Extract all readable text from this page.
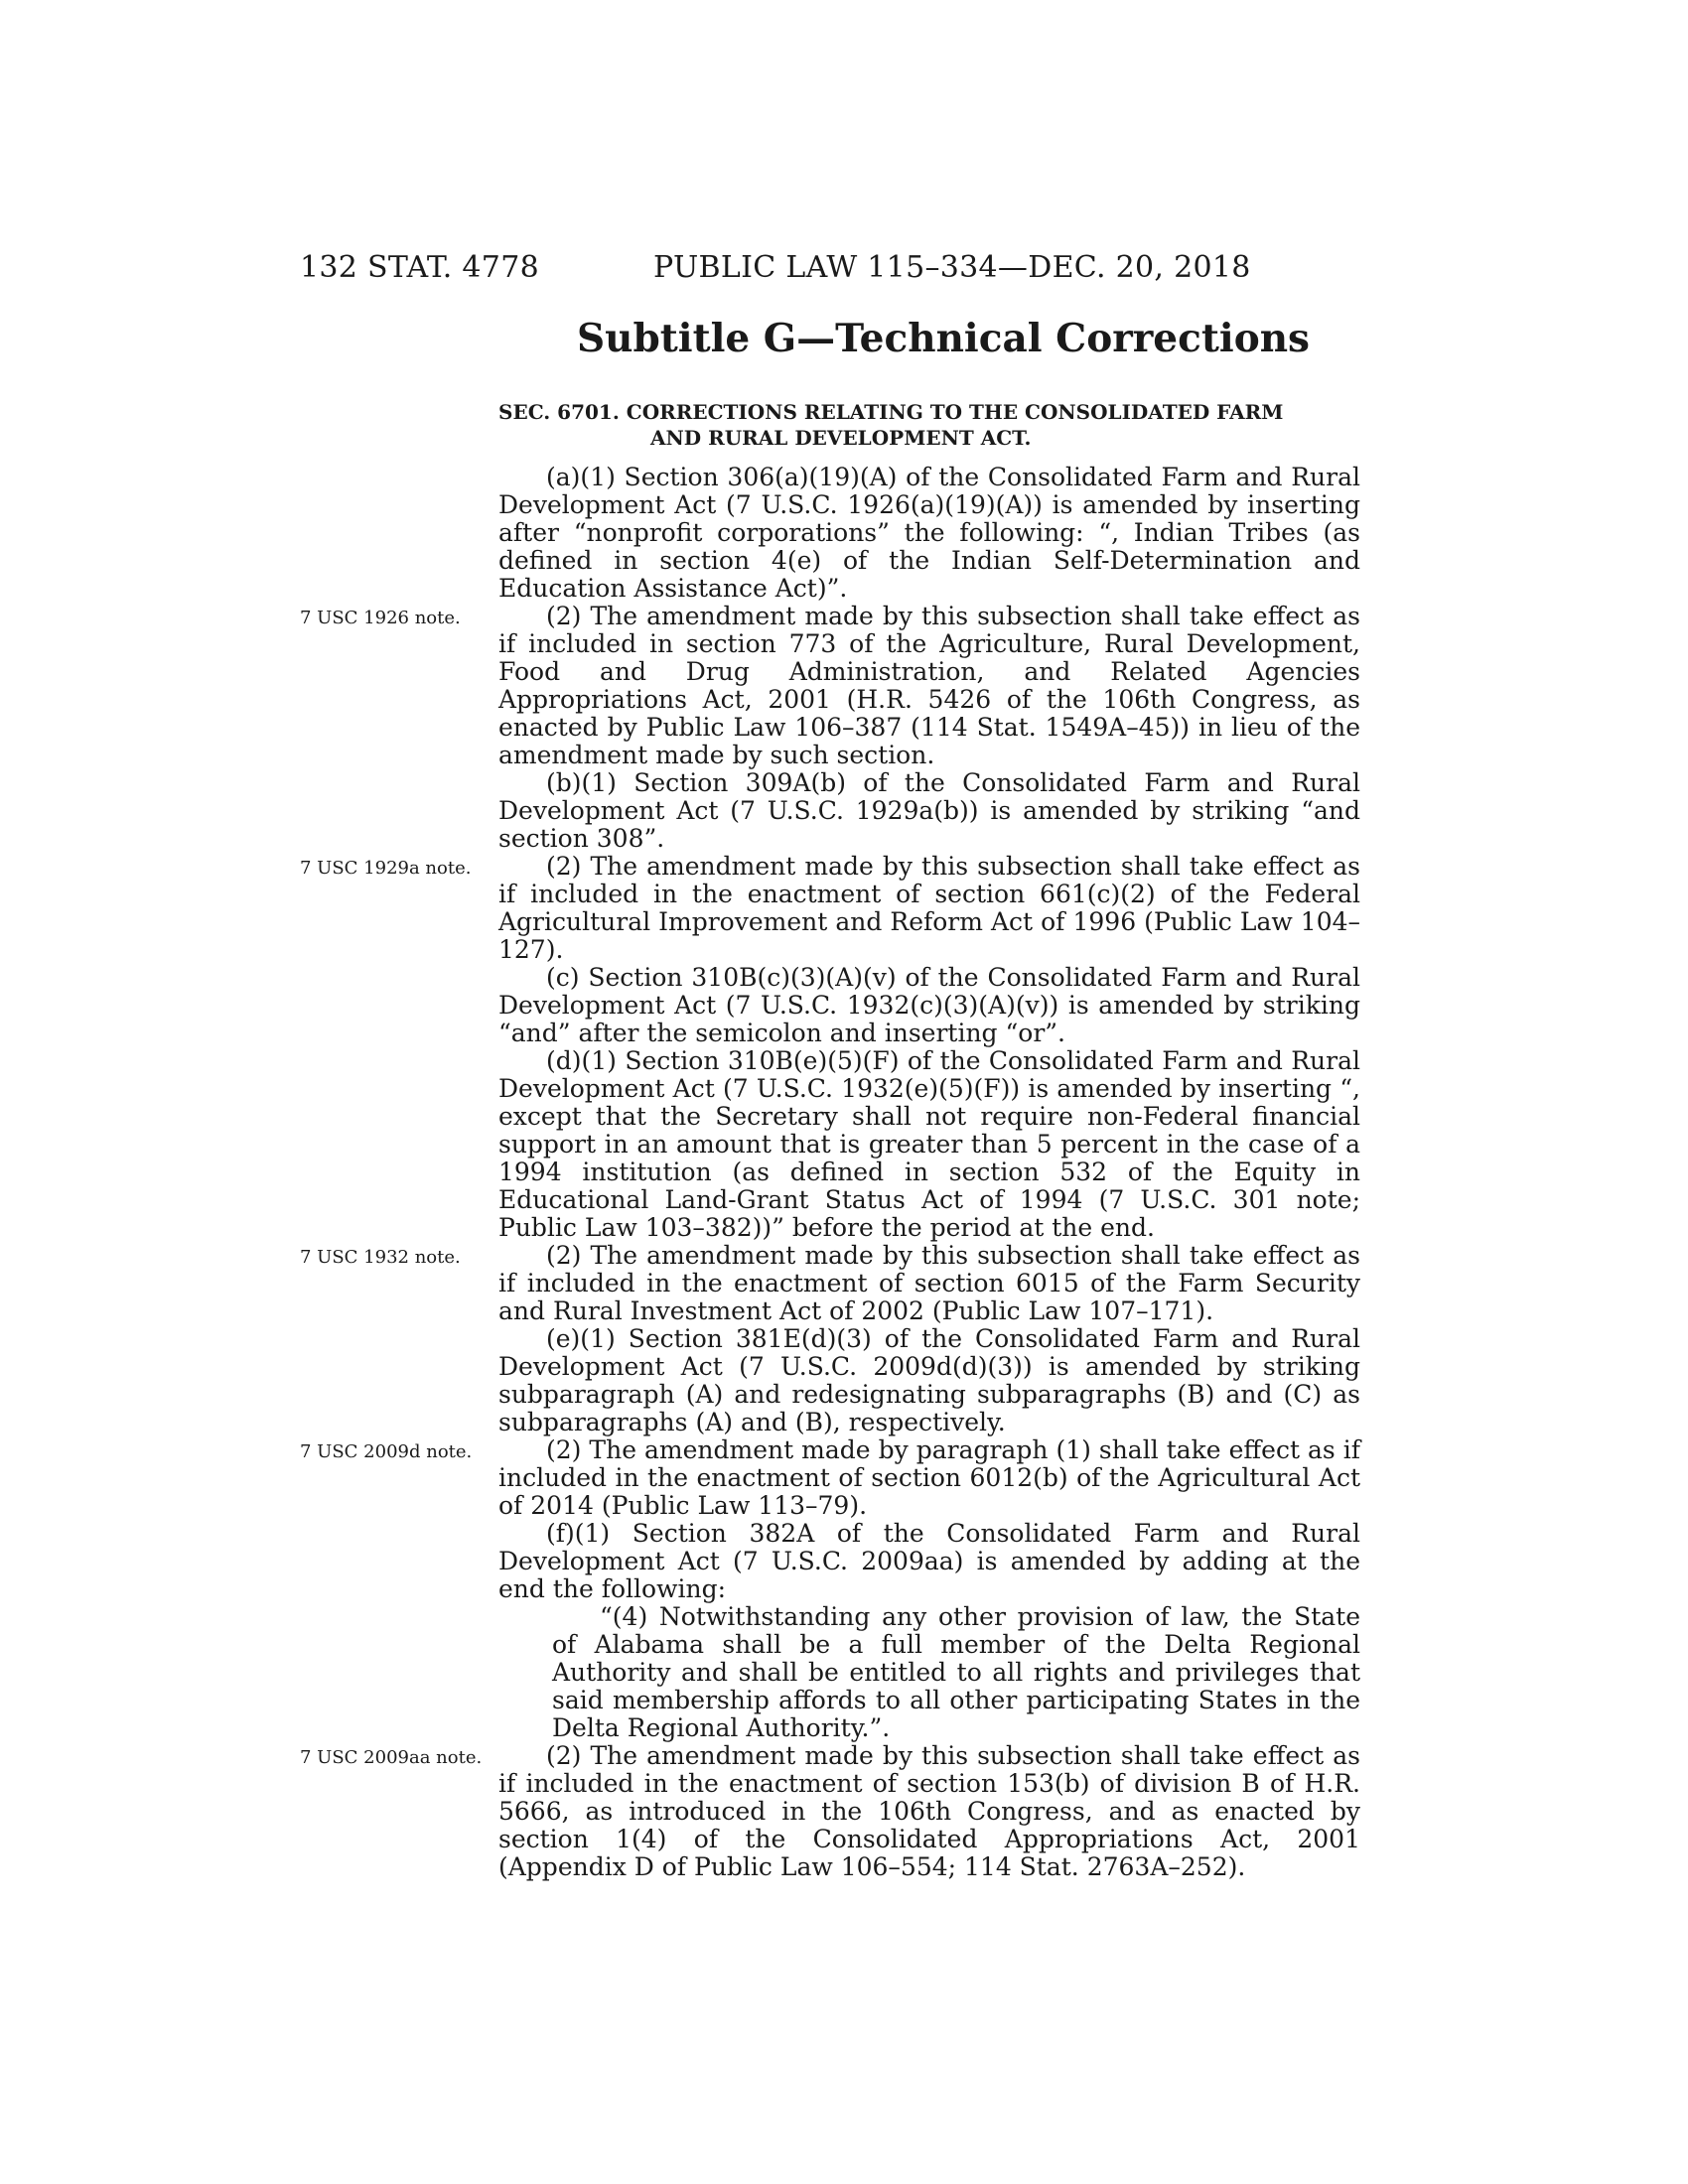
132 STAT. 4778	PUBLIC LAW 115–334—DEC. 20, 2018
Subtitle G—Technical Corrections
SEC. 6701. CORRECTIONS RELATING TO THE CONSOLIDATED FARM
AND RURAL DEVELOPMENT ACT.

(a)(1) Section 306(a)(19)(A) of the Consolidated Farm and Rural Development Act (7 U.S.C. 1926(a)(19)(A)) is amended by inserting after “nonprofit corporations” the following: “, Indian Tribes (as defined in section 4(e) of the Indian Self-Determination and Education Assistance Act)”.

(2) The amendment made by this subsection shall take effect as if included in section 773 of the Agriculture, Rural Development, Food and Drug Administration, and Related Agencies Appropriations Act, 2001 (H.R. 5426 of the 106th Congress, as enacted by Public Law 106–387 (114 Stat. 1549A–45)) in lieu of the amendment made by such section.

(b)(1) Section 309A(b) of the Consolidated Farm and Rural Development Act (7 U.S.C. 1929a(b)) is amended by striking “and section 308”.

(2) The amendment made by this subsection shall take effect as if included in the enactment of section 661(c)(2) of the Federal Agricultural Improvement and Reform Act of 1996 (Public Law 104–127).

(c) Section 310B(c)(3)(A)(v) of the Consolidated Farm and Rural Development Act (7 U.S.C. 1932(c)(3)(A)(v)) is amended by striking “and” after the semicolon and inserting “or”.

(d)(1) Section 310B(e)(5)(F) of the Consolidated Farm and Rural Development Act (7 U.S.C. 1932(e)(5)(F)) is amended by inserting “, except that the Secretary shall not require non-Federal financial support in an amount that is greater than 5 percent in the case of a 1994 institution (as defined in section 532 of the Equity in Educational Land-Grant Status Act of 1994 (7 U.S.C. 301 note; Public Law 103–382))” before the period at the end.

(2) The amendment made by this subsection shall take effect as if included in the enactment of section 6015 of the Farm Security and Rural Investment Act of 2002 (Public Law 107–171).

(e)(1) Section 381E(d)(3) of the Consolidated Farm and Rural Development Act (7 U.S.C. 2009d(d)(3)) is amended by striking subparagraph (A) and redesignating subparagraphs (B) and (C) as subparagraphs (A) and (B), respectively.

(2) The amendment made by paragraph (1) shall take effect as if included in the enactment of section 6012(b) of the Agricultural Act of 2014 (Public Law 113–79).

(f)(1) Section 382A of the Consolidated Farm and Rural Development Act (7 U.S.C. 2009aa) is amended by adding at the end the following:

“(4) Notwithstanding any other provision of law, the State of Alabama shall be a full member of the Delta Regional Authority and shall be entitled to all rights and privileges that said membership affords to all other participating States in the Delta Regional Authority.”.

(2) The amendment made by this subsection shall take effect as if included in the enactment of section 153(b) of division B of H.R. 5666, as introduced in the 106th Congress, and as enacted by section 1(4) of the Consolidated Appropriations Act, 2001 (Appendix D of Public Law 106–554; 114 Stat. 2763A–252).

7 USC 1926 note.

7 USC 1929a note.

7 USC 1932 note.

7 USC 2009d note.

7 USC 2009aa note.
